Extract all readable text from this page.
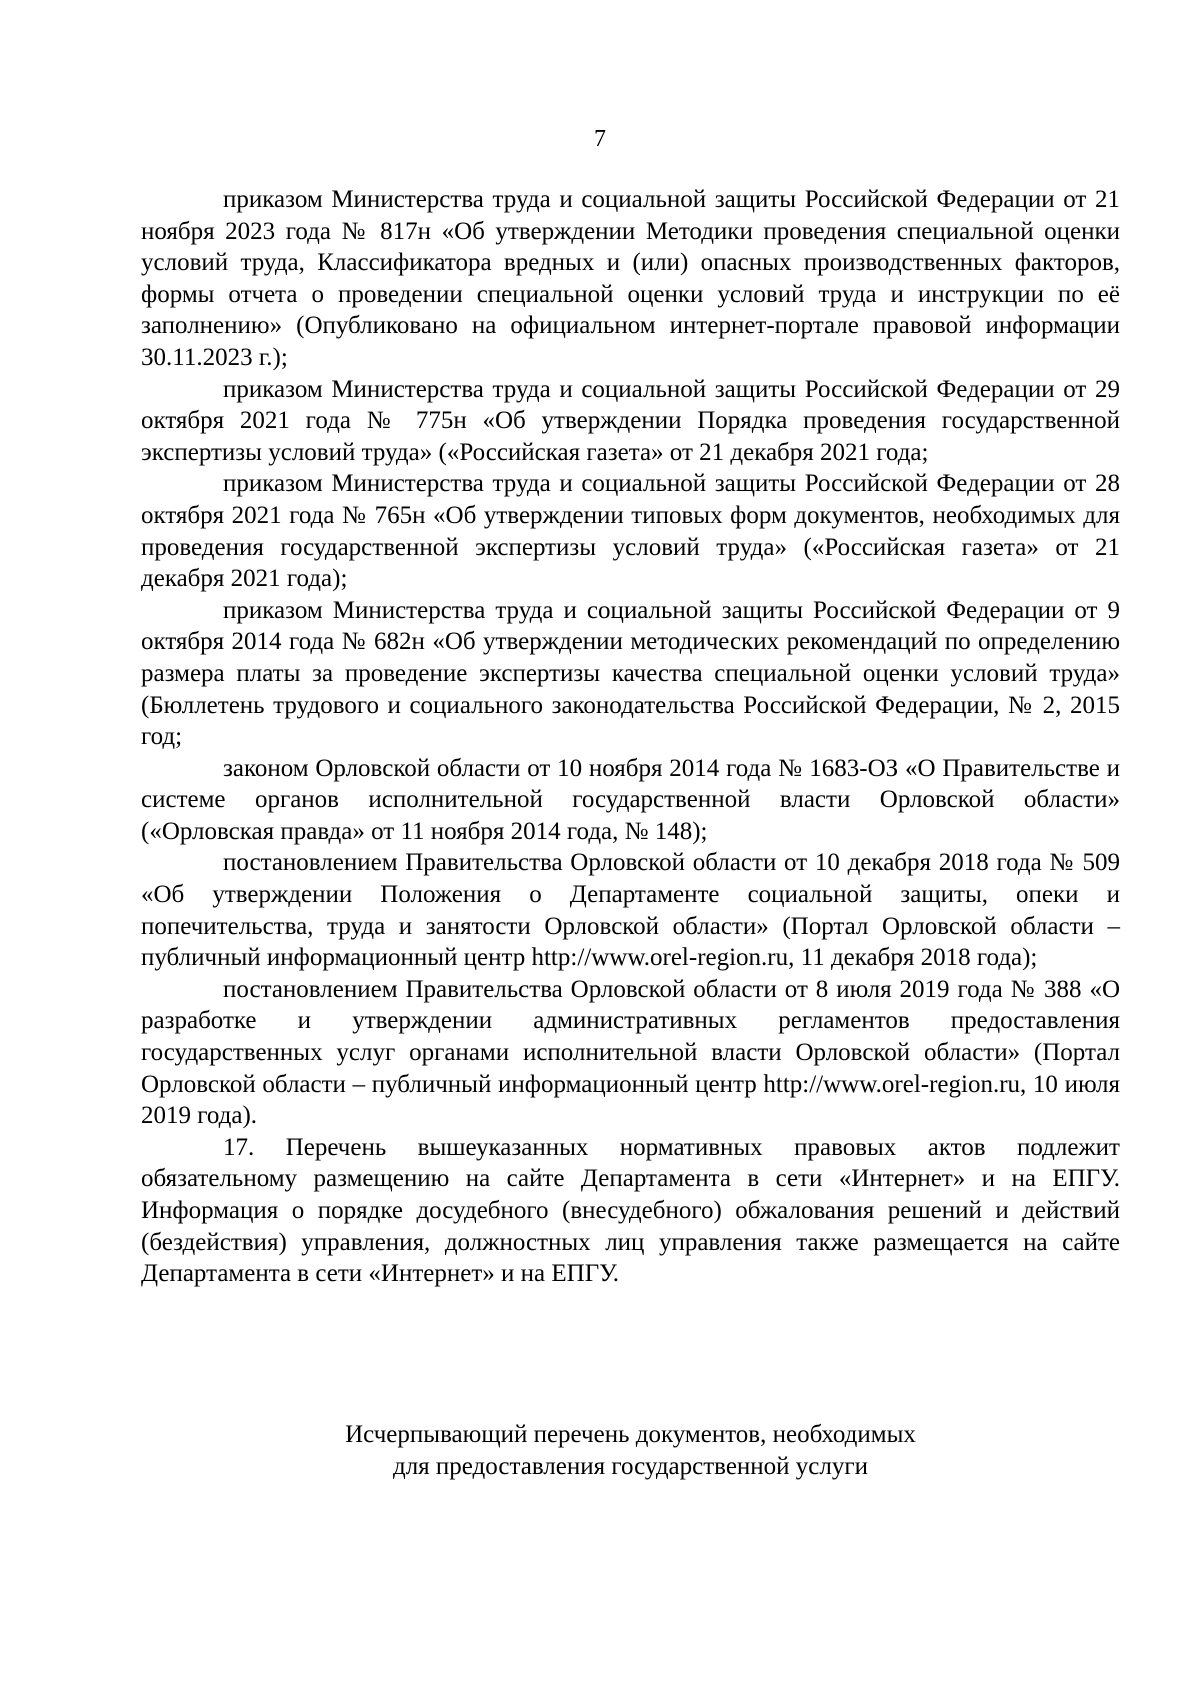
7

приказом Министерства труда и социальной защиты Российской Федерации от 21 ноября 2023 года № 817н «Об утверждении Методики проведения специальной оценки условий труда, Классификатора вредных и (или) опасных производственных факторов, формы отчета о проведении специальной оценки условий труда и инструкции по её заполнению» (Опубликовано на официальном интернет-портале правовой информации 30.11.2023 г.);

приказом Министерства труда и социальной защиты Российской Федерации от 29 октября 2021 года № 775н «Об утверждении Порядка проведения государственной экспертизы условий труда» («Российская газета» от 21 декабря 2021 года;

приказом Министерства труда и социальной защиты Российской Федерации от 28 октября 2021 года № 765н «Об утверждении типовых форм документов, необходимых для проведения государственной экспертизы условий труда» («Российская газета» от 21 декабря 2021 года);

приказом Министерства труда и социальной защиты Российской Федерации от 9 октября 2014 года № 682н «Об утверждении методических рекомендаций по определению размера платы за проведение экспертизы качества специальной оценки условий труда» (Бюллетень трудового и социального законодательства Российской Федерации, № 2, 2015 год;

законом Орловской области от 10 ноября 2014 года № 1683-ОЗ «О Правительстве и системе органов исполнительной государственной власти Орловской области» («Орловская правда» от 11 ноября 2014 года, № 148);

постановлением Правительства Орловской области от 10 декабря 2018 года № 509 «Об утверждении Положения о Департаменте социальной защиты, опеки и попечительства, труда и занятости Орловской области» (Портал Орловской области – публичный информационный центр http://www.orel-region.ru, 11 декабря 2018 года);

постановлением Правительства Орловской области от 8 июля 2019 года № 388 «О разработке и утверждении административных регламентов предоставления государственных услуг органами исполнительной власти Орловской области» (Портал Орловской области – публичный информационный центр http://www.orel-region.ru, 10 июля 2019 года).

17. Перечень вышеуказанных нормативных правовых актов подлежит обязательному размещению на сайте Департамента в сети «Интернет» и на ЕПГУ. Информация о порядке досудебного (внесудебного) обжалования решений и действий (бездействия) управления, должностных лиц управления также размещается на сайте Департамента в сети «Интернет» и на ЕПГУ.

Исчерпывающий перечень документов, необходимых
для предоставления государственной услуги
